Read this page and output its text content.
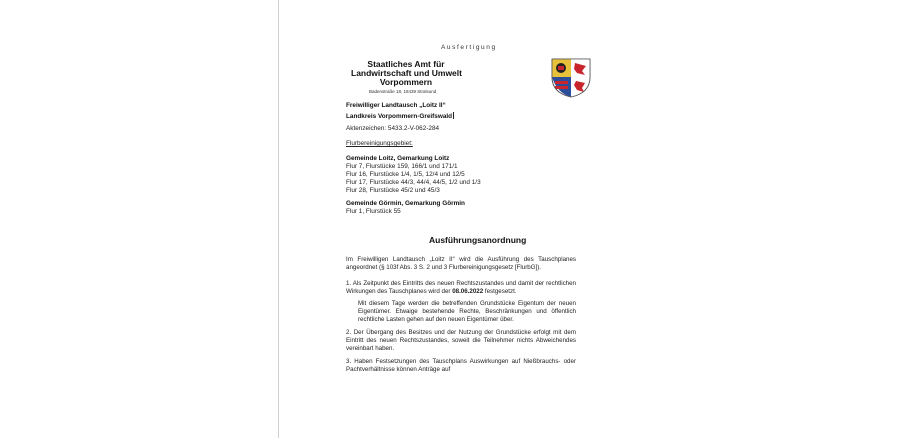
Ausfertigung
Staatliches Amt für
Landwirtschaft und Umwelt
Vorpommern
Badenstraße 18, 18439 Stralsund
Freiwilliger Landtausch „Loitz II“
Landkreis Vorpommern-Greifswald
Aktenzeichen: 5433.2-V-062-284
Flurbereinigungsgebiet:
Gemeinde Loitz, Gemarkung Loitz
Flur 7, Flurstücke 159, 166/1 und 171/1
Flur 16, Flurstücke 1/4, 1/5, 12/4 und 12/5
Flur 17, Flurstücke 44/3, 44/4, 44/5, 1/2 und 1/3
Flur 28, Flurstücke 45/2 und 45/3
Gemeinde Görmin, Gemarkung Görmin
Flur 1, Flurstück 55
Ausführungsanordnung
Im Freiwilligen Landtausch „Loitz II“ wird die Ausführung des Tauschplanes angeordnet (§ 103f Abs. 3 S. 2 und 3 Flurbereinigungsgesetz [FlurbG]).
1. Als Zeitpunkt des Eintritts des neuen Rechtszustandes und damit der rechtlichen Wirkungen des Tauschplanes wird der 08.06.2022 festgesetzt.
Mit diesem Tage werden die betreffenden Grundstücke Eigentum der neuen Eigentümer. Etwaige bestehende Rechte, Beschränkungen und öffentlich rechtliche Lasten gehen auf den neuen Eigentümer über.
2. Der Übergang des Besitzes und der Nutzung der Grundstücke erfolgt mit dem Eintritt des neuen Rechtszustandes, soweit die Teilnehmer nichts Abweichendes vereinbart haben.
3. Haben Festsetzungen des Tauschplans Auswirkungen auf Nießbrauchs- oder Pachtverhältnisse können Anträge auf
